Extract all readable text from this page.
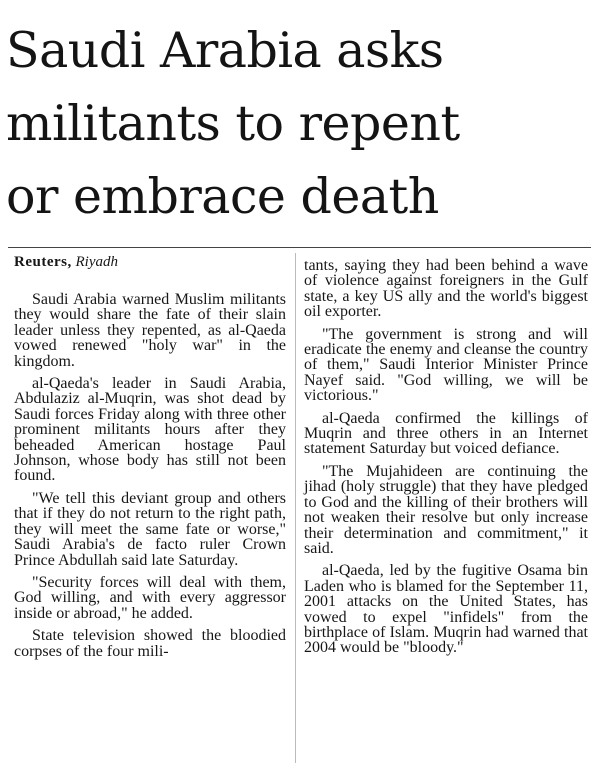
Saudi Arabia asks
militants to repent
or embrace death

Reuters, Riyadh

Saudi Arabia warned Muslim militants they would share the fate of their slain leader unless they repented, as al-Qaeda vowed renewed "holy war" in the kingdom.

al-Qaeda's leader in Saudi Arabia, Abdulaziz al-Muqrin, was shot dead by Saudi forces Friday along with three other prominent militants hours after they beheaded American hostage Paul Johnson, whose body has still not been found.

"We tell this deviant group and others that if they do not return to the right path, they will meet the same fate or worse," Saudi Arabia's de facto ruler Crown Prince Abdullah said late Saturday.

"Security forces will deal with them, God willing, and with every aggressor inside or abroad," he added.

State television showed the bloodied corpses of the four mili-

tants, saying they had been behind a wave of violence against foreigners in the Gulf state, a key US ally and the world's biggest oil exporter.

"The government is strong and will eradicate the enemy and cleanse the country of them," Saudi Interior Minister Prince Nayef said. "God willing, we will be victorious."

al-Qaeda confirmed the killings of Muqrin and three others in an Internet statement Saturday but voiced defiance.

"The Mujahideen are continuing the jihad (holy struggle) that they have pledged to God and the killing of their brothers will not weaken their resolve but only increase their determination and commitment," it said.

al-Qaeda, led by the fugitive Osama bin Laden who is blamed for the September 11, 2001 attacks on the United States, has vowed to expel "infidels" from the birthplace of Islam. Muqrin had warned that 2004 would be "bloody."
